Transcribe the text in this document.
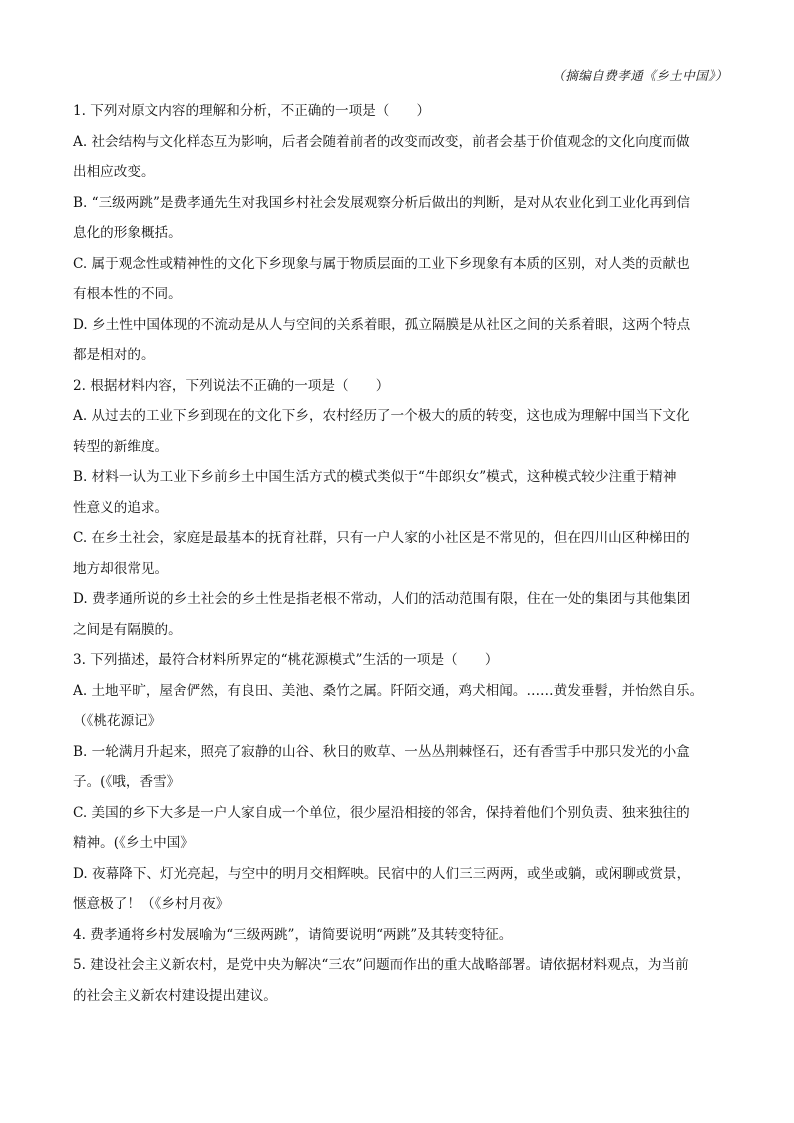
（摘编自费孝通《乡土中国》）
1. 下列对原文内容的理解和分析，不正确的一项是（　　）
A. 社会结构与文化样态互为影响，后者会随着前者的改变而改变，前者会基于价值观念的文化向度而做
出相应改变。
B. “三级两跳”是费孝通先生对我国乡村社会发展观察分析后做出的判断，是对从农业化到工业化再到信
息化的形象概括。
C. 属于观念性或精神性的文化下乡现象与属于物质层面的工业下乡现象有本质的区别，对人类的贡献也
有根本性的不同。
D. 乡土性中国体现的不流动是从人与空间的关系着眼，孤立隔膜是从社区之间的关系着眼，这两个特点
都是相对的。
2. 根据材料内容，下列说法不正确的一项是（　　）
A. 从过去的工业下乡到现在的文化下乡，农村经历了一个极大的质的转变，这也成为理解中国当下文化
转型的新维度。
B. 材料一认为工业下乡前乡土中国生活方式的模式类似于“牛郎织女”模式，这种模式较少注重于精神
性意义的追求。
C. 在乡土社会，家庭是最基本的抚育社群，只有一户人家的小社区是不常见的，但在四川山区种梯田的
地方却很常见。
D. 费孝通所说的乡土社会的乡土性是指老根不常动，人们的活动范围有限，住在一处的集团与其他集团
之间是有隔膜的。
3. 下列描述，最符合材料所界定的“桃花源模式”生活的一项是（　　）
A. 土地平旷，屋舍俨然，有良田、美池、桑竹之属。阡陌交通，鸡犬相闻。……黄发垂髫，并怡然自乐。
（《桃花源记》
B. 一轮满月升起来，照亮了寂静的山谷、秋日的败草、一丛丛荆棘怪石，还有香雪手中那只发光的小盒
子。(《哦，香雪》
C. 美国的乡下大多是一户人家自成一个单位，很少屋沿相接的邻舍，保持着他们个别负责、独来独往的
精神。(《乡土中国》
D. 夜幕降下、灯光亮起，与空中的明月交相辉映。民宿中的人们三三两两，或坐或躺，或闲聊或赏景，
惬意极了！（《乡村月夜》
4. 费孝通将乡村发展喻为“三级两跳”，请简要说明“两跳”及其转变特征。
5. 建设社会主义新农村，是党中央为解决“三农”问题而作出的重大战略部署。请依据材料观点，为当前
的社会主义新农村建设提出建议。
